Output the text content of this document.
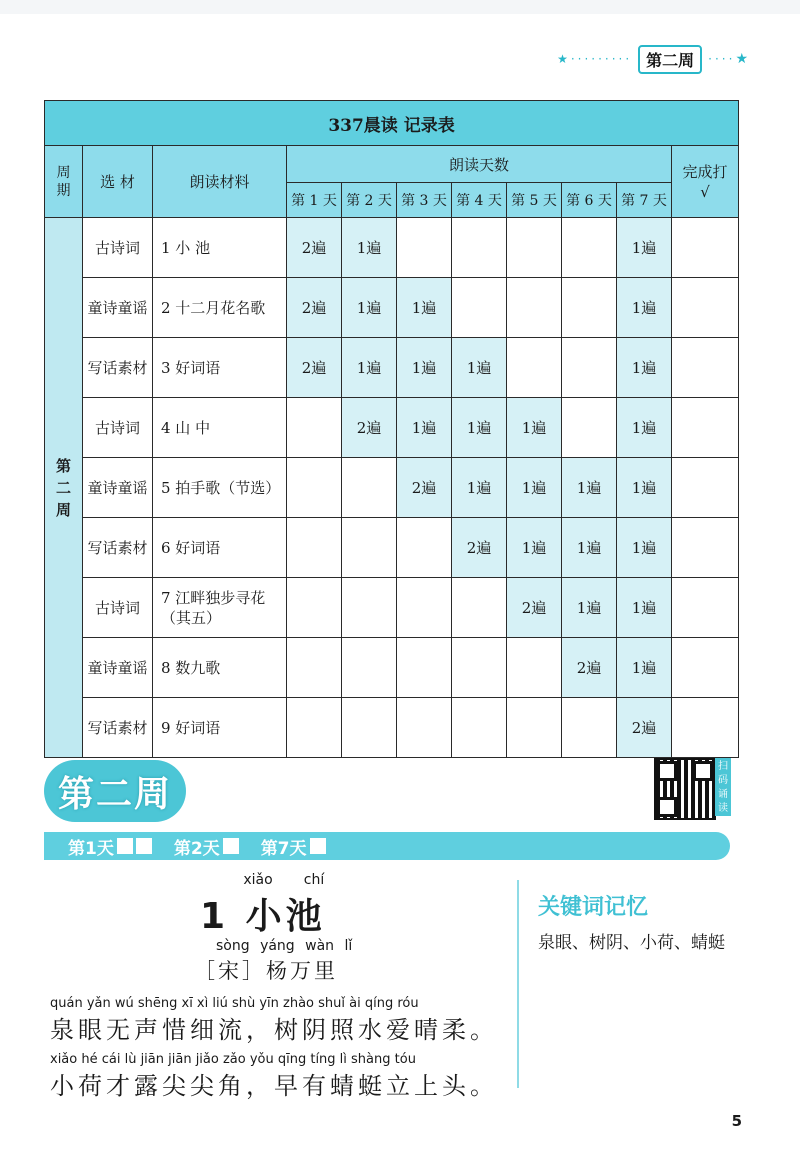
★········· 第二周	···· ★
337晨读 记录表										
周期	选 材	朗读材料	朗读天数							完成打√
			第 1 天	第 2 天	第 3 天	第 4 天	第 5 天	第 6 天	第 7 天	
第二周	古诗词	1 小 池	2遍	1遍					1遍	
	童诗童谣	2 十二月花名歌	2遍	1遍	1遍				1遍	
	写话素材	3 好词语	2遍	1遍	1遍	1遍			1遍	
	古诗词	4 山 中		2遍	1遍	1遍	1遍		1遍	
	童诗童谣	5 拍手歌（节选）			2遍	1遍	1遍	1遍	1遍	
	写话素材	6 好词语				2遍	1遍	1遍	1遍	
	古诗词	7 江畔独步寻花（其五）					2遍	1遍	1遍	
	童诗童谣	8 数九歌						2遍	1遍	
	写话素材	9 好词语							2遍	
第二周
扫码诵读
第1天	第2天 第7天
xiǎo chí
1 小池
sòng yáng wàn lǐ
［宋］杨万里
quán yǎn wú shēng xī xì liú shù yīn zhào shuǐ ài qíng róu
泉眼无声惜细流，树阴照水爱晴柔。
xiǎo hé cái lù jiān jiān jiǎo zǎo yǒu qīng tíng lì shàng tóu
小荷才露尖尖角，早有蜻蜓立上头。
关键词记忆
泉眼、树阴、小荷、蜻蜓
5
